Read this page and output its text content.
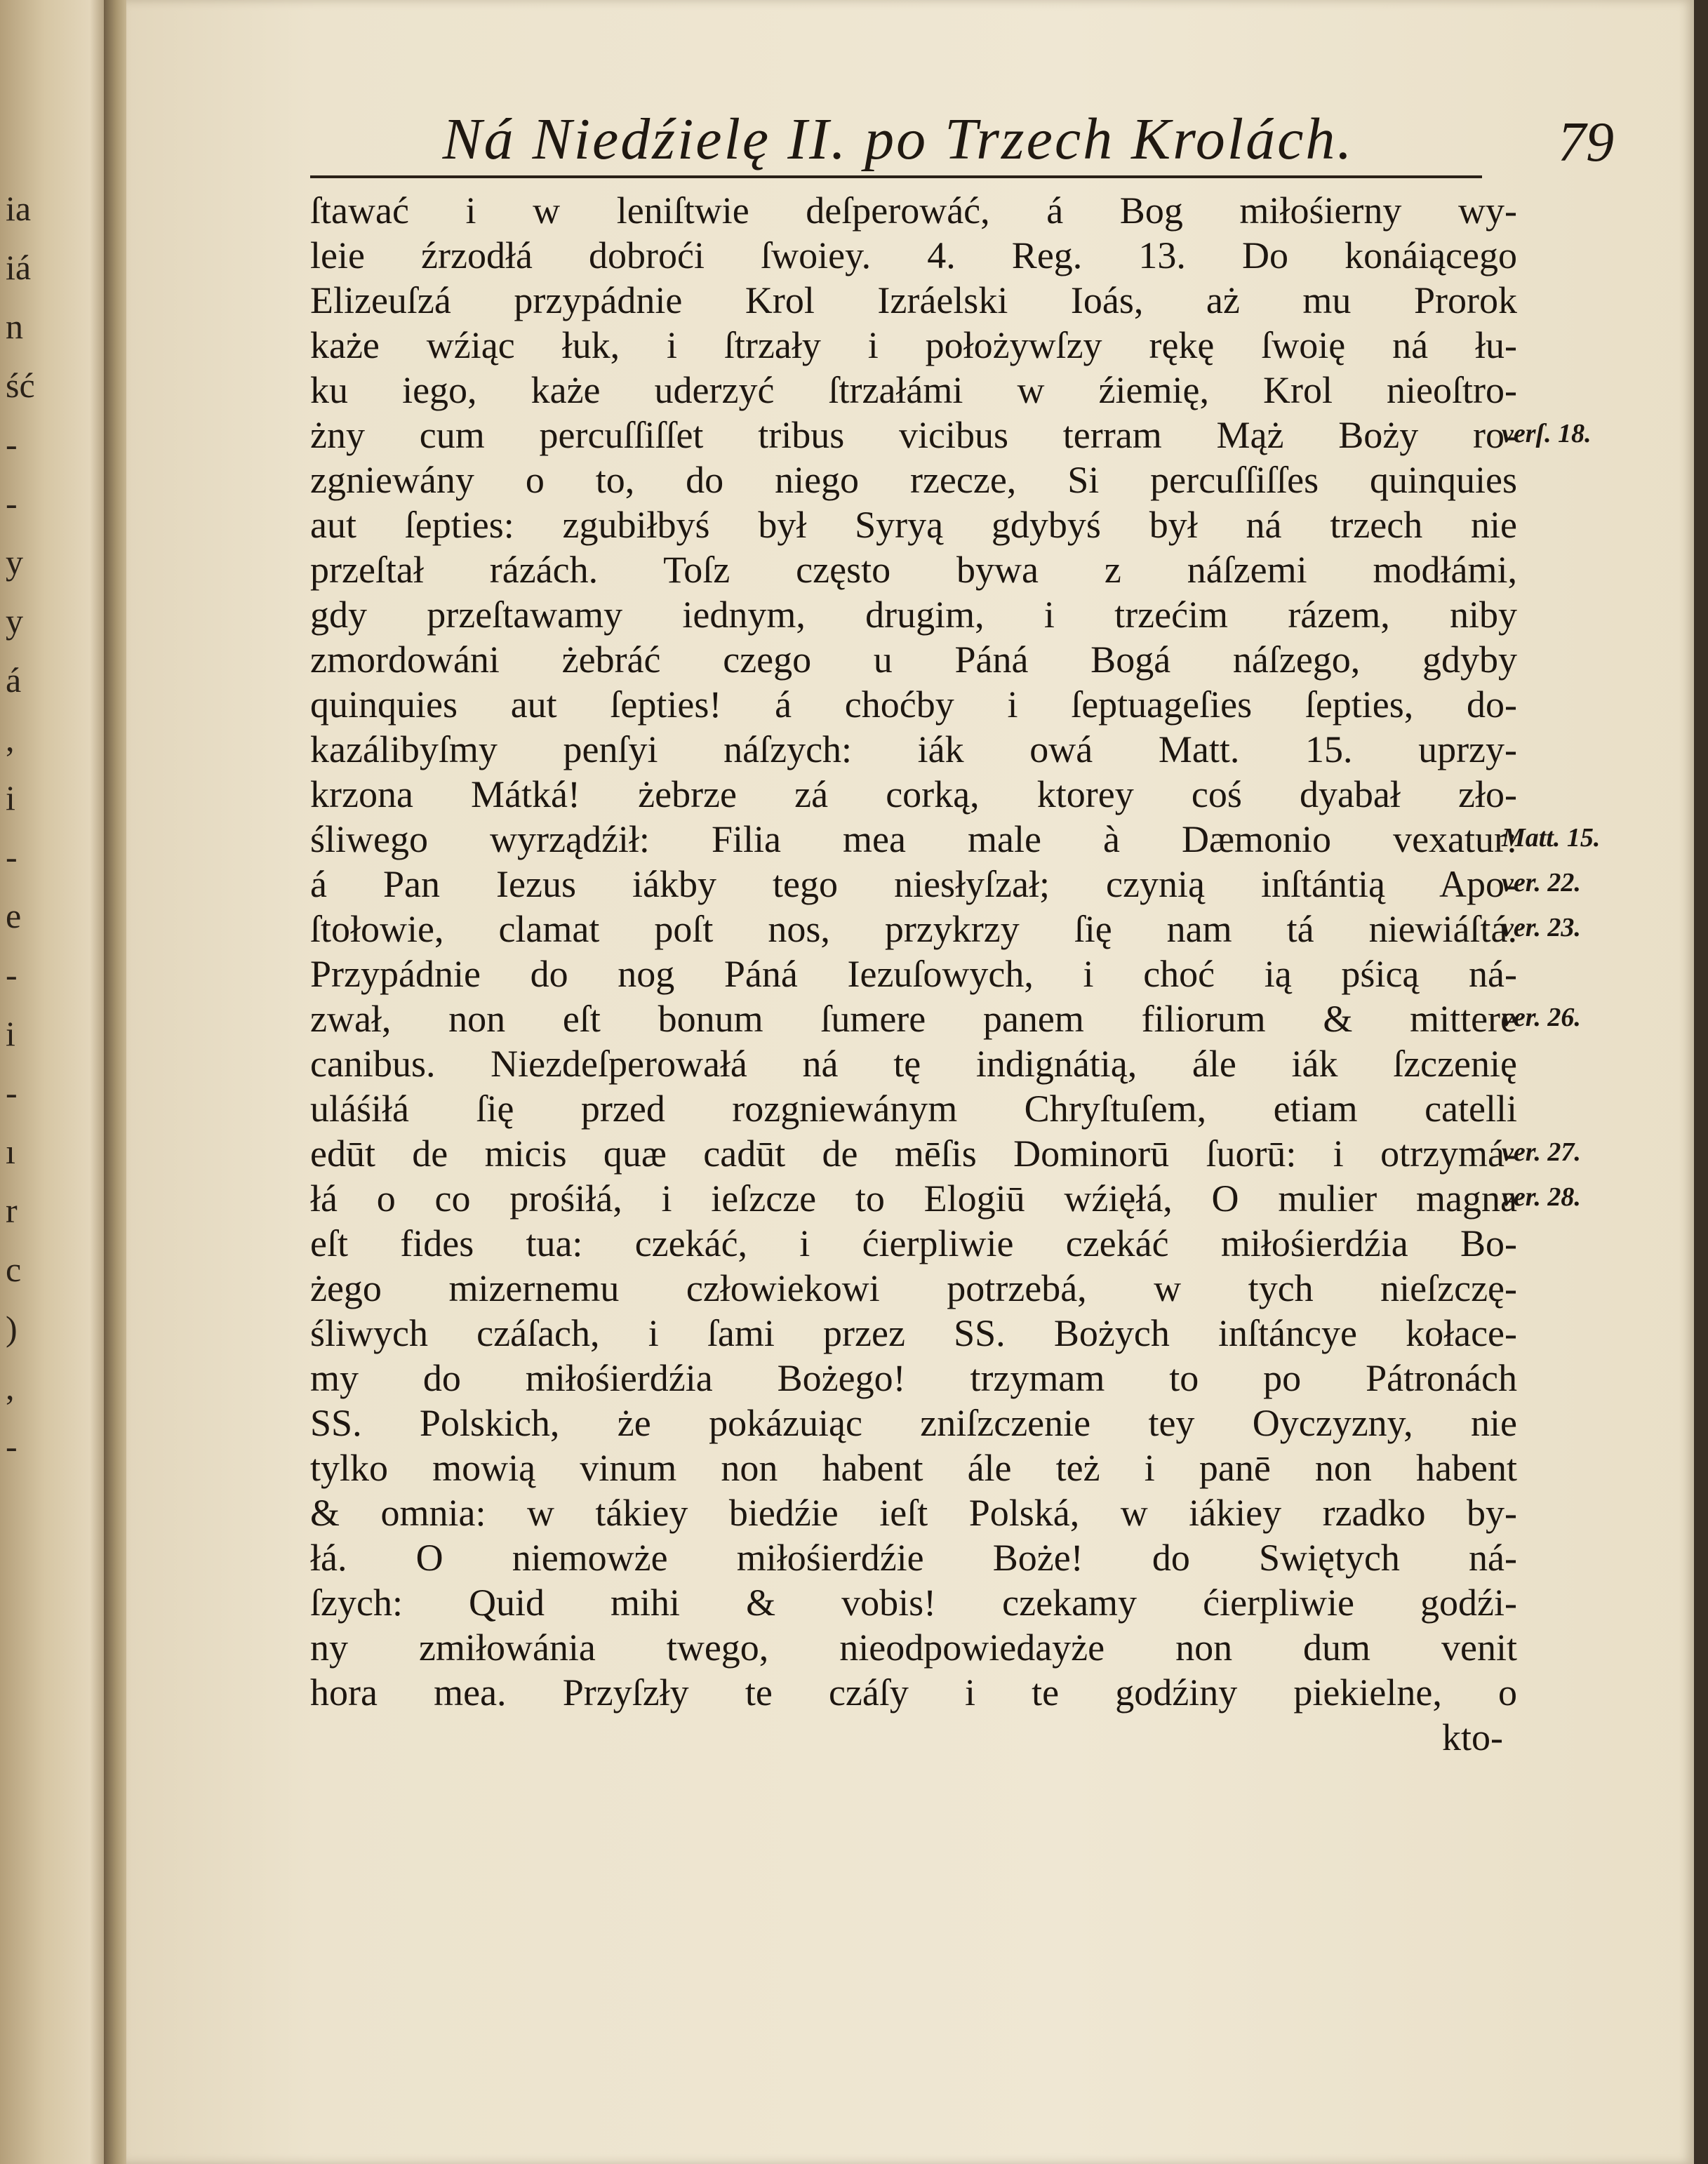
ia
iá
n
ść
-
-
y
y
á
,
i
-
e
-
i
-
ı
r
c
)
,
-
Ná Niedźielę II. po Trzech Krolách.	79
ſtawać i w leniſtwie deſperowáć, á Bog miłośierny wy-
leie źrzodłá dobroći ſwoiey. 4. Reg. 13. Do konáiącego
Elizeuſzá przypádnie Krol Izráelski Ioás, aż mu Prorok
każe wźiąc łuk, i ſtrzały i położywſzy rękę ſwoię ná łu-
ku iego, każe uderzyć ſtrzałámi w źiemię, Krol nieoſtro-
żny cum percuſſiſſet tribus vicibus terram Mąż Boży ro-
zgniewány o to, do niego rzecze, Si percuſſiſſes quinquies
aut ſepties: zgubiłbyś był Syryą gdybyś był ná trzech nie
przeſtał rázách. Toſz często bywa z náſzemi modłámi,
gdy przeſtawamy iednym, drugim, i trzećim rázem, niby
zmordowáni żebráć czego u Páná Bogá náſzego, gdyby
quinquies aut ſepties! á choćby i ſeptuageſies ſepties, do-
kazálibyſmy penſyi náſzych: iák owá Matt. 15. uprzy-
krzona Mátká! żebrze zá corką, ktorey coś dyabał zło-
śliwego wyrządźił: Filia mea male à Dæmonio vexatur:
á Pan Iezus iákby tego niesłyſzał; czynią inſtántią Apo-
ſtołowie, clamat poſt nos, przykrzy ſię nam tá niewiáſtá.
Przypádnie do nog Páná Iezuſowych, i choć ią pśicą ná-
zwał, non eſt bonum ſumere panem filiorum & mittere
canibus. Niezdeſperowałá ná tę indignátią, ále iák ſzczenię
uláśiłá ſię przed rozgniewánym Chryſtuſem, etiam catelli
edūt de micis quæ cadūt de mēſis Dominorū ſuorū: i otrzymá-
łá o co prośiłá, i ieſzcze to Elogiū wźięłá, O mulier magna
eſt fides tua: czekáć, i ćierpliwie czekáć miłośierdźia Bo-
żego mizernemu człowiekowi potrzebá, w tych nieſzczę-
śliwych czáſach, i ſami przez SS. Bożych inſtáncye kołace-
my do miłośierdźia Bożego! trzymam to po Pátronách
SS. Polskich, że pokázuiąc zniſzczenie tey Oyczyzny, nie
tylko mowią vinum non habent ále też i panē non habent
& omnia: w tákiey biedźie ieſt Polská, w iákiey rzadko by-
łá. O niemowże miłośierdźie Boże! do Swiętych ná-
ſzych: Quid mihi & vobis! czekamy ćierpliwie godźi-
ny zmiłowánia twego, nieodpowiedayże non dum venit
hora mea. Przyſzły te czáſy i te godźiny piekielne, o
kto-
verſ. 18.
Matt. 15.
ver. 22.
ver. 23.
ver. 26.
ver. 27.
ver. 28.
